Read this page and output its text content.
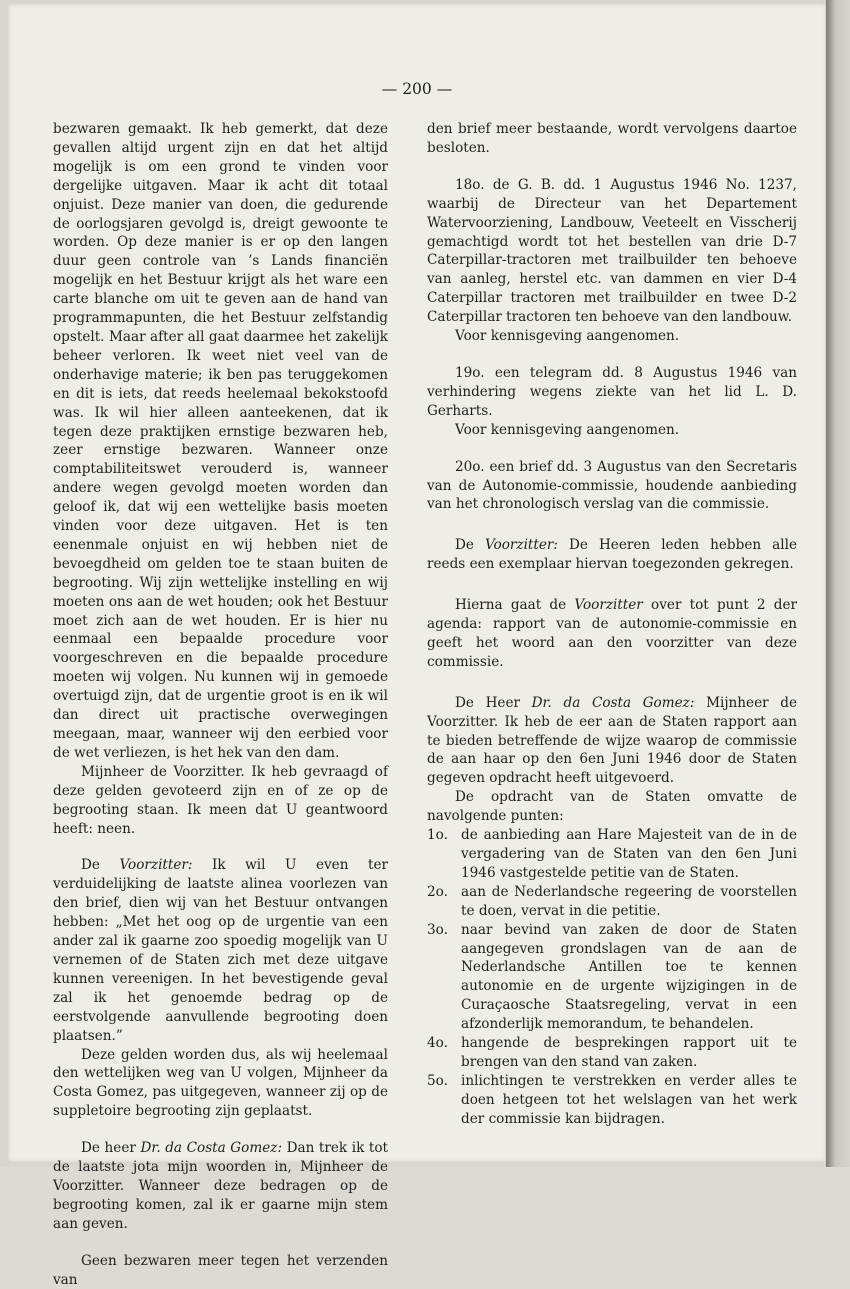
— 200 —

bezwaren gemaakt. Ik heb gemerkt, dat deze gevallen altijd urgent zijn en dat het altijd mogelijk is om een grond te vinden voor dergelijke uitgaven. Maar ik acht dit totaal onjuist. Deze manier van doen, die gedurende de oorlogsjaren gevolgd is, dreigt gewoonte te worden. Op deze manier is er op den langen duur geen controle van ’s Lands financiën mogelijk en het Bestuur krijgt als het ware een carte blanche om uit te geven aan de hand van programmapunten, die het Bestuur zelfstandig opstelt. Maar after all gaat daarmee het zakelijk beheer verloren. Ik weet niet veel van de onderhavige materie; ik ben pas teruggekomen en dit is iets, dat reeds heelemaal bekokstoofd was. Ik wil hier alleen aanteekenen, dat ik tegen deze praktijken ernstige bezwaren heb, zeer ernstige bezwaren. Wanneer onze comptabiliteitswet verouderd is, wanneer andere wegen gevolgd moeten worden dan geloof ik, dat wij een wettelijke basis moeten vinden voor deze uitgaven. Het is ten eenenmale onjuist en wij hebben niet de bevoegdheid om gelden toe te staan buiten de begrooting. Wij zijn wettelijke instelling en wij moeten ons aan de wet houden; ook het Bestuur moet zich aan de wet houden. Er is hier nu eenmaal een bepaalde procedure voor voorgeschreven en die bepaalde procedure moeten wij volgen. Nu kunnen wij in gemoede overtuigd zijn, dat de urgentie groot is en ik wil dan direct uit practische overwegingen meegaan, maar, wanneer wij den eerbied voor de wet verliezen, is het hek van den dam.

Mijnheer de Voorzitter. Ik heb gevraagd of deze gelden gevoteerd zijn en of ze op de begrooting staan. Ik meen dat U geantwoord heeft: neen.

De Voorzitter: Ik wil U even ter verduidelijking de laatste alinea voorlezen van den brief, dien wij van het Bestuur ontvangen hebben: „Met het oog op de urgentie van een ander zal ik gaarne zoo spoedig mogelijk van U vernemen of de Staten zich met deze uitgave kunnen vereenigen. In het bevestigende geval zal ik het genoemde bedrag op de eerstvolgende aanvullende begrooting doen plaatsen.”

Deze gelden worden dus, als wij heelemaal den wettelijken weg van U volgen, Mijnheer da Costa Gomez, pas uitgegeven, wanneer zij op de suppletoire begrooting zijn geplaatst.

De heer Dr. da Costa Gomez: Dan trek ik tot de laatste jota mijn woorden in, Mijnheer de Voorzitter. Wanneer deze bedragen op de begrooting komen, zal ik er gaarne mijn stem aan geven.

Geen bezwaren meer tegen het verzenden van

den brief meer bestaande, wordt vervolgens daartoe besloten.

18o. de G. B. dd. 1 Augustus 1946 No. 1237, waarbij de Directeur van het Departement Watervoorziening, Landbouw, Veeteelt en Visscherij gemachtigd wordt tot het bestellen van drie D-7 Caterpillar-tractoren met trailbuilder ten behoeve van aanleg, herstel etc. van dammen en vier D-4 Caterpillar tractoren met trailbuilder en twee D-2 Caterpillar tractoren ten behoeve van den landbouw.

Voor kennisgeving aangenomen.

19o. een telegram dd. 8 Augustus 1946 van verhindering wegens ziekte van het lid L. D. Gerharts.

Voor kennisgeving aangenomen.

20o. een brief dd. 3 Augustus van den Secretaris van de Autonomie-commissie, houdende aanbieding van het chronologisch verslag van die commissie.

De Voorzitter: De Heeren leden hebben alle reeds een exemplaar hiervan toegezonden gekregen.

Hierna gaat de Voorzitter over tot punt 2 der agenda: rapport van de autonomie-commissie en geeft het woord aan den voorzitter van deze commissie.

De Heer Dr. da Costa Gomez: Mijnheer de Voorzitter. Ik heb de eer aan de Staten rapport aan te bieden betreffende de wijze waarop de commissie de aan haar op den 6en Juni 1946 door de Staten gegeven opdracht heeft uitgevoerd.

De opdracht van de Staten omvatte de navolgende punten:

1o. de aanbieding aan Hare Majesteit van de in de vergadering van de Staten van den 6en Juni 1946 vastgestelde petitie van de Staten.
2o. aan de Nederlandsche regeering de voorstellen te doen, vervat in die petitie.
3o. naar bevind van zaken de door de Staten aangegeven grondslagen van de aan de Nederlandsche Antillen toe te kennen autonomie en de urgente wijzigingen in de Curaçaosche Staatsregeling, vervat in een afzonderlijk memorandum, te behandelen.
4o. hangende de besprekingen rapport uit te brengen van den stand van zaken.
5o. inlichtingen te verstrekken en verder alles te doen hetgeen tot het welslagen van het werk der commissie kan bijdragen.
